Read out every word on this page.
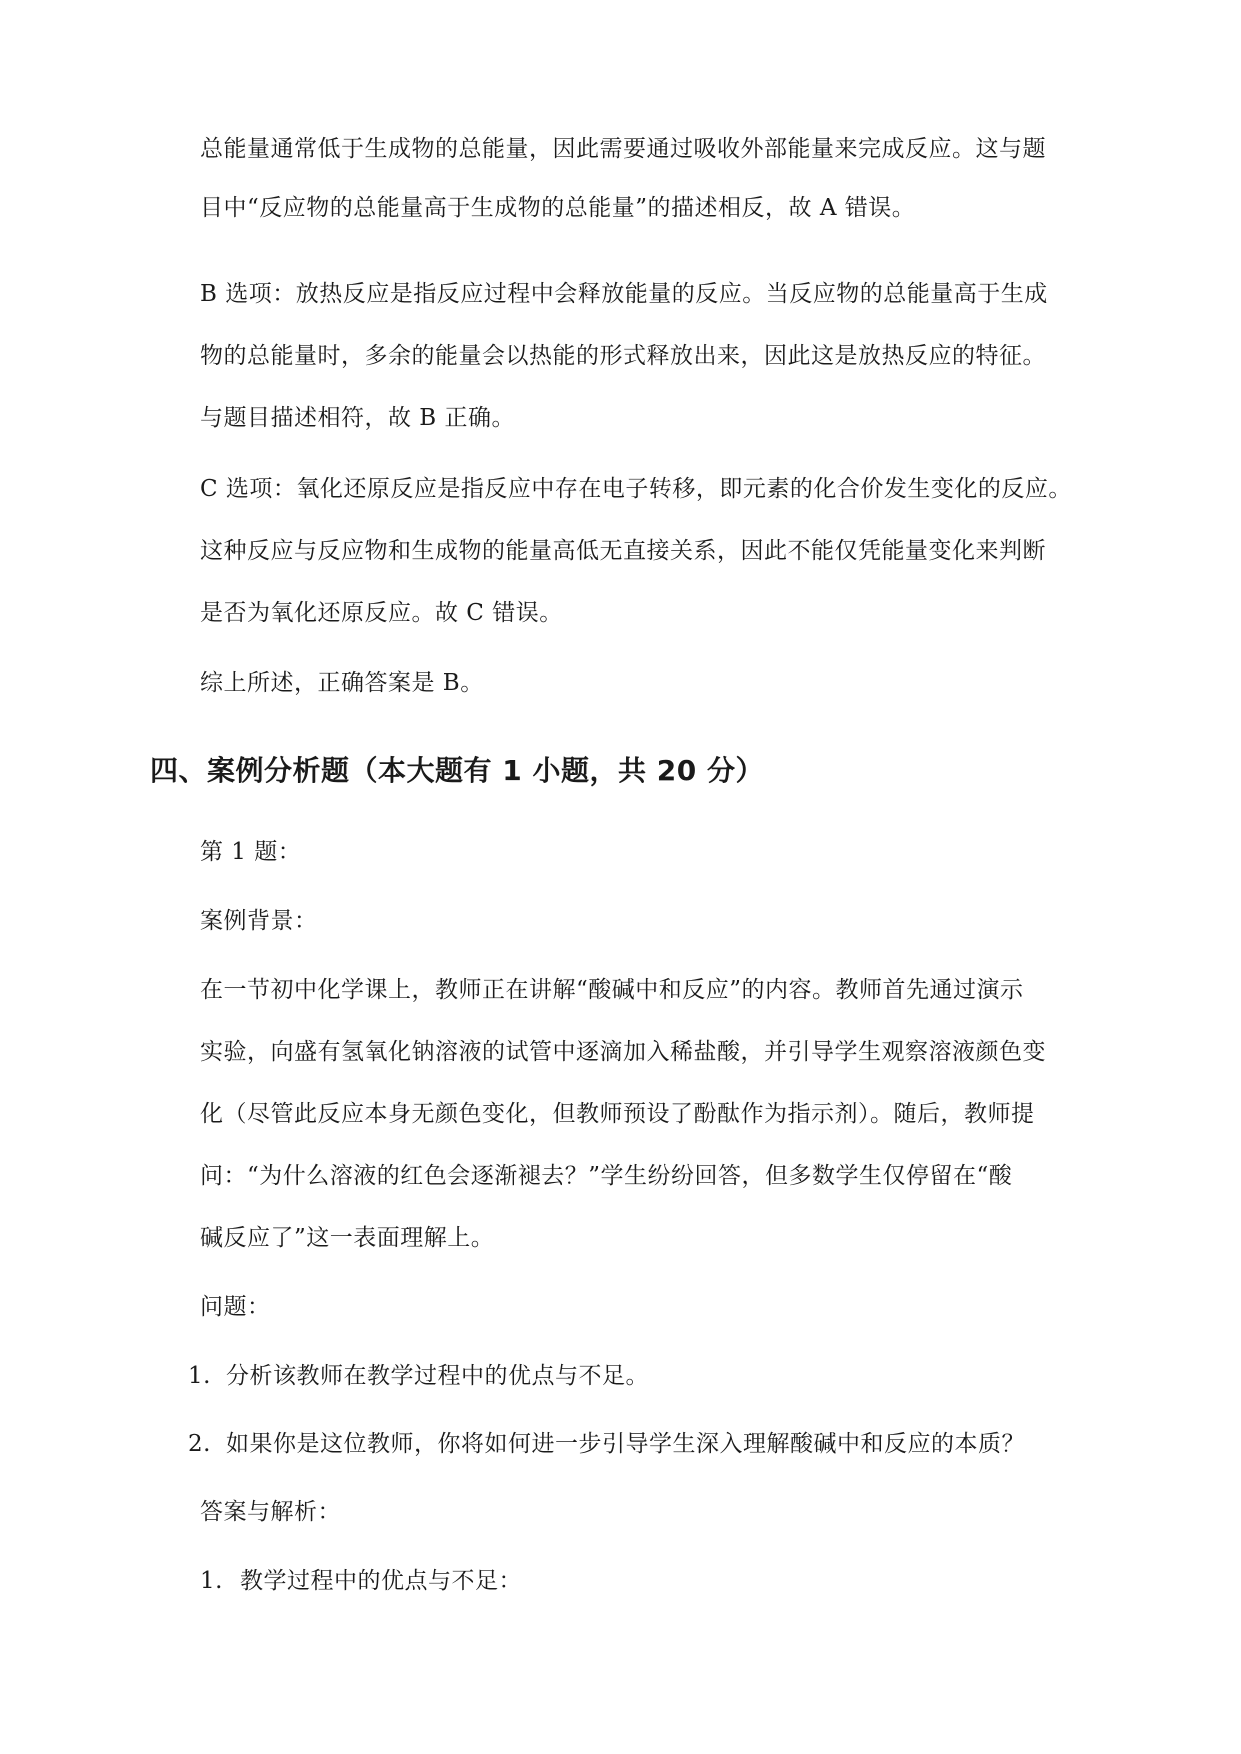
总能量通常低于生成物的总能量，因此需要通过吸收外部能量来完成反应。这与题
目中“反应物的总能量高于生成物的总能量”的描述相反，故 A 错误。
B 选项：放热反应是指反应过程中会释放能量的反应。当反应物的总能量高于生成
物的总能量时，多余的能量会以热能的形式释放出来，因此这是放热反应的特征。
与题目描述相符，故 B 正确。
C 选项：氧化还原反应是指反应中存在电子转移，即元素的化合价发生变化的反应。
这种反应与反应物和生成物的能量高低无直接关系，因此不能仅凭能量变化来判断
是否为氧化还原反应。故 C 错误。
综上所述，正确答案是 B。
四、案例分析题（本大题有 1 小题，共 20 分）
第 1 题：
案例背景：
在一节初中化学课上，教师正在讲解“酸碱中和反应”的内容。教师首先通过演示
实验，向盛有氢氧化钠溶液的试管中逐滴加入稀盐酸，并引导学生观察溶液颜色变
化（尽管此反应本身无颜色变化，但教师预设了酚酞作为指示剂）。随后，教师提
问：“为什么溶液的红色会逐渐褪去？”学生纷纷回答，但多数学生仅停留在“酸
碱反应了”这一表面理解上。
问题：
1. 分析该教师在教学过程中的优点与不足。
2. 如果你是这位教师，你将如何进一步引导学生深入理解酸碱中和反应的本质？
答案与解析：
1. 教学过程中的优点与不足：
